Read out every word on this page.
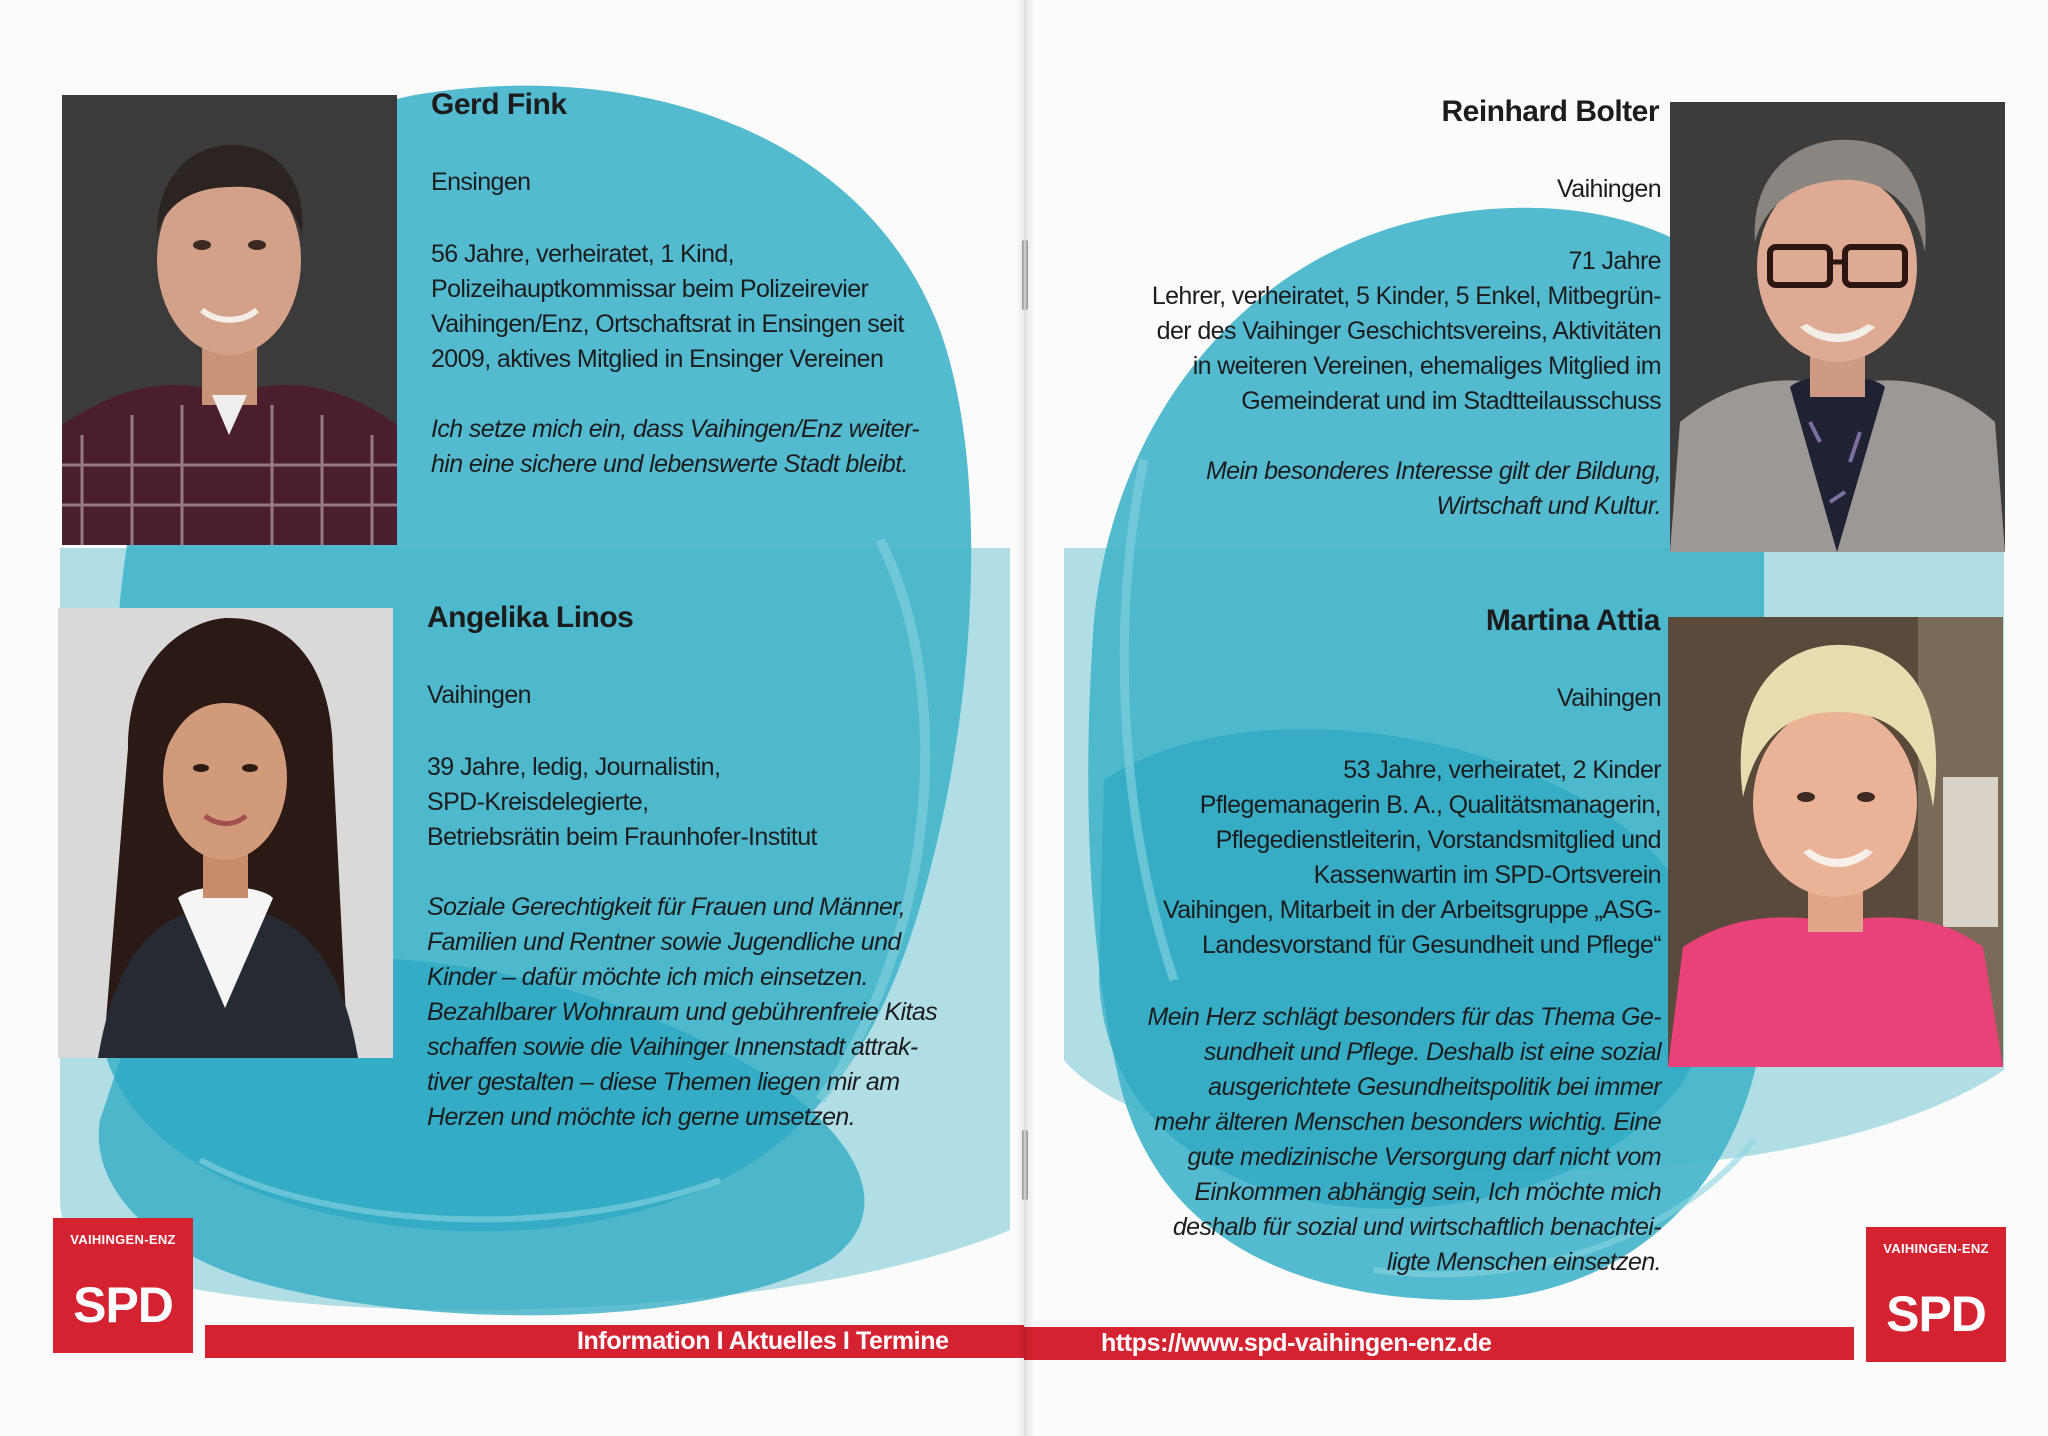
Gerd Fink

Ensingen

56 Jahre, verheiratet, 1 Kind,
Polizeihauptkommissar beim Polizeirevier
Vaihingen/Enz, Ortschaftsrat in Ensingen seit
2009, aktives Mitglied in Ensinger Vereinen

Ich setze mich ein, dass Vaihingen/Enz weiter-
hin eine sichere und lebenswerte Stadt bleibt.

Angelika Linos

Vaihingen

39 Jahre, ledig, Journalistin,
SPD-Kreisdelegierte,
Betriebsrätin beim Fraunhofer-Institut

Soziale Gerechtigkeit für Frauen und Männer,
Familien und Rentner sowie Jugendliche und
Kinder – dafür möchte ich mich einsetzen.
Bezahlbarer Wohnraum und gebührenfreie Kitas
schaffen sowie die Vaihinger Innenstadt attrak-
tiver gestalten – diese Themen liegen mir am
Herzen und möchte ich gerne umsetzen.

VAIHINGEN-ENZ
SPD
Information I Aktuelles I Termine
Reinhard Bolter

Vaihingen

71 Jahre
Lehrer, verheiratet, 5 Kinder, 5 Enkel, Mitbegrün-
der des Vaihinger Geschichtsvereins, Aktivitäten
in weiteren Vereinen, ehemaliges Mitglied im
Gemeinderat und im Stadtteilausschuss

Mein besonderes Interesse gilt der Bildung,
Wirtschaft und Kultur.

Martina Attia

Vaihingen

53 Jahre, verheiratet, 2 Kinder
Pflegemanagerin B. A., Qualitätsmanagerin,
Pflegedienstleiterin, Vorstandsmitglied und
Kassenwartin im SPD-Ortsverein
Vaihingen, Mitarbeit in der Arbeitsgruppe „ASG-
Landesvorstand für Gesundheit und Pflege“

Mein Herz schlägt besonders für das Thema Ge-
sundheit und Pflege. Deshalb ist eine sozial
ausgerichtete Gesundheitspolitik bei immer
mehr älteren Menschen besonders wichtig. Eine
gute medizinische Versorgung darf nicht vom
Einkommen abhängig sein, Ich möchte mich
deshalb für sozial und wirtschaftlich benachtei-
ligte Menschen einsetzen.

https://www.spd-vaihingen-enz.de
VAIHINGEN-ENZ
SPD
